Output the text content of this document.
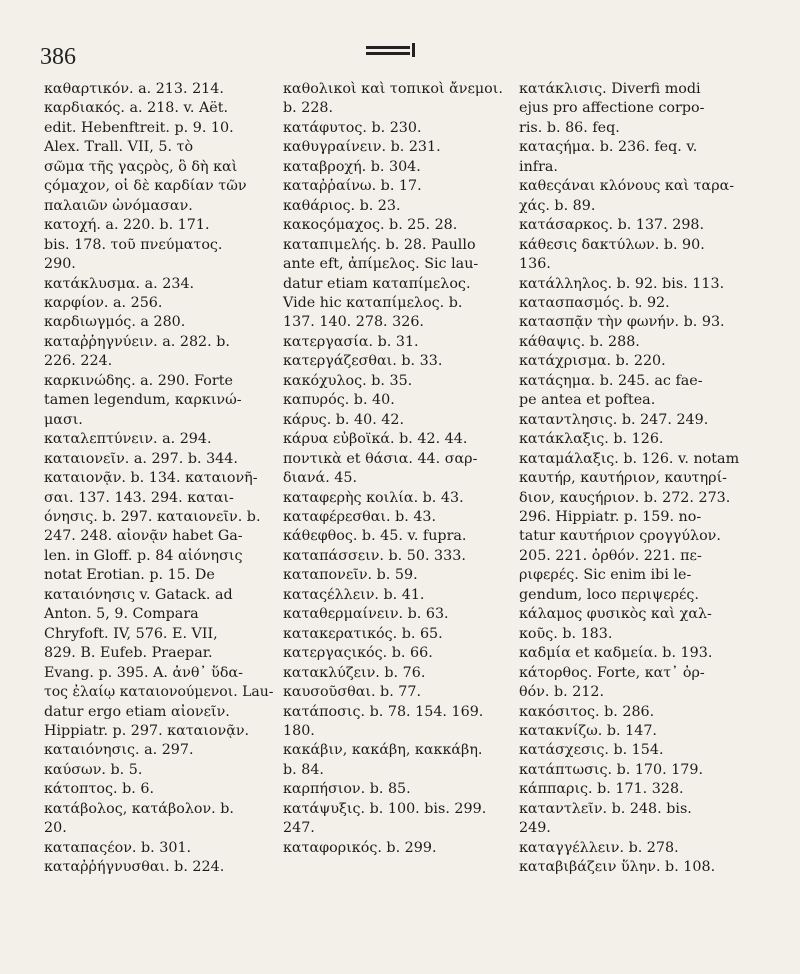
386
καθαρτικόν. a. 213. 214.
καρδιακός. a. 218. v. Aët.
edit. Hebenftreit. p. 9. 10.
Alex. Trall. VII, 5. τὸ
σῶμα τῆς γαςρὸς, ὃ δὴ καὶ
ςόμαχον, οἱ δὲ καρδίαν τῶν
παλαιῶν ὠνόμασαν.
κατοχή. a. 220. b. 171.
bis. 178. τοῦ πνεύματος.
290.
κατάκλυσμα. a. 234.
καρφίον. a. 256.
καρδιωγμός. a 280.
καταῤῥηγνύειν. a. 282. b.
226. 224.
καρκινώδης. a. 290. Forte
tamen legendum, καρκινώ-
μασι.
καταλεπτύνειν. a. 294.
καταιονεῖν. a. 297. b. 344.
καταιονᾷν. b. 134. καταιονῆ-
σαι. 137. 143. 294. καται-
όνησις. b. 297. καταιονεῖν. b.
247. 248. αἰονᾷν habet Ga-
len. in Gloff. p. 84 αἰόνησις
notat Erotian. p. 15. De
καταιόνησις v. Gatack. ad
Anton. 5, 9. Compara
Chryfoft. IV, 576. E. VII,
829. B. Eufeb. Praepar.
Evang. p. 395. A. ἀνθ᾽ ὕδα-
τος ἐλαίῳ καταιονούμενοι. Lau-
datur ergo etiam αἰονεῖν.
Hippiatr. p. 297. καταιονᾷν.
καταιόνησις. a. 297.
καύσων. b. 5.
κάτοπτος. b. 6.
κατάβολος, κατάβολον. b.
20.
καταπαςέον. b. 301.
καταῤῥήγνυσθαι. b. 224.
καθολικοὶ καὶ τοπικοὶ ἄνεμοι.
b. 228.
κατάφυτος. b. 230.
καθυγραίνειν. b. 231.
καταβροχή. b. 304.
καταῤῥαίνω. b. 17.
καθάριος. b. 23.
κακοςόμαχος. b. 25. 28.
καταπιμελής. b. 28. Paullo
ante eft, ἀπίμελος. Sic lau-
datur etiam καταπίμελος.
Vide hic καταπίμελος. b.
137. 140. 278. 326.
κατεργασία. b. 31.
κατεργάζεσθαι. b. 33.
κακόχυλος. b. 35.
καπυρός. b. 40.
κάρυς. b. 40. 42.
κάρυα εὐβοϊκά. b. 42. 44.
ποντικὰ et θάσια. 44. σαρ-
διανά. 45.
καταφερὴς κοιλία. b. 43.
καταφέρεσθαι. b. 43.
κάθεφθος. b. 45. v. fupra.
καταπάσσειν. b. 50. 333.
καταπονεῖν. b. 59.
καταςέλλειν. b. 41.
καταθερμαίνειν. b. 63.
κατακερατικός. b. 65.
κατεργαςικός. b. 66.
κατακλύζειν. b. 76.
καυσοῦσθαι. b. 77.
κατάποσις. b. 78. 154. 169.
180.
κακάβιν, κακάβη, κακκάβη.
b. 84.
καρπήσιον. b. 85.
κατάψυξις. b. 100. bis. 299.
247.
καταφορικός. b. 299.
κατάκλισις. Diverfi modi
ejus pro affectione corpo-
ris. b. 86. feq.
καταςήμα. b. 236. feq. v.
infra.
καθεςάναι κλόνους καὶ ταρα-
χάς. b. 89.
κατάσαρκος. b. 137. 298.
κάθεσις δακτύλων. b. 90.
136.
κατάλληλος. b. 92. bis. 113.
κατασπασμός. b. 92.
κατασπᾷν τὴν φωνήν. b. 93.
κάθαψις. b. 288.
κατάχρισμα. b. 220.
κατάςημα. b. 245. ac fae-
pe antea et poftea.
καταντλησις. b. 247. 249.
κατάκλαξις. b. 126.
καταμάλαξις. b. 126. v. notam
καυτήρ, καυτήριον, καυτηρί-
διον, καυςήριον. b. 272. 273.
296. Hippiatr. p. 159. no-
tatur καυτήριον ςρογγύλον.
205. 221. ὀρθόν. 221. πε-
ριφερές. Sic enim ibi le-
gendum, loco περιψερές.
κάλαμος φυσικὸς καὶ χαλ-
κοῦς. b. 183.
καδμία et καδμεία. b. 193.
κάτορθος. Forte, κατ᾽ ὀρ-
θόν. b. 212.
κακόσιτος. b. 286.
κατακνίζω. b. 147.
κατάσχεσις. b. 154.
κατάπτωσις. b. 170. 179.
κάππαρις. b. 171. 328.
καταντλεῖν. b. 248. bis.
249.
καταγγέλλειν. b. 278.
καταβιβάζειν ὕλην. b. 108.
